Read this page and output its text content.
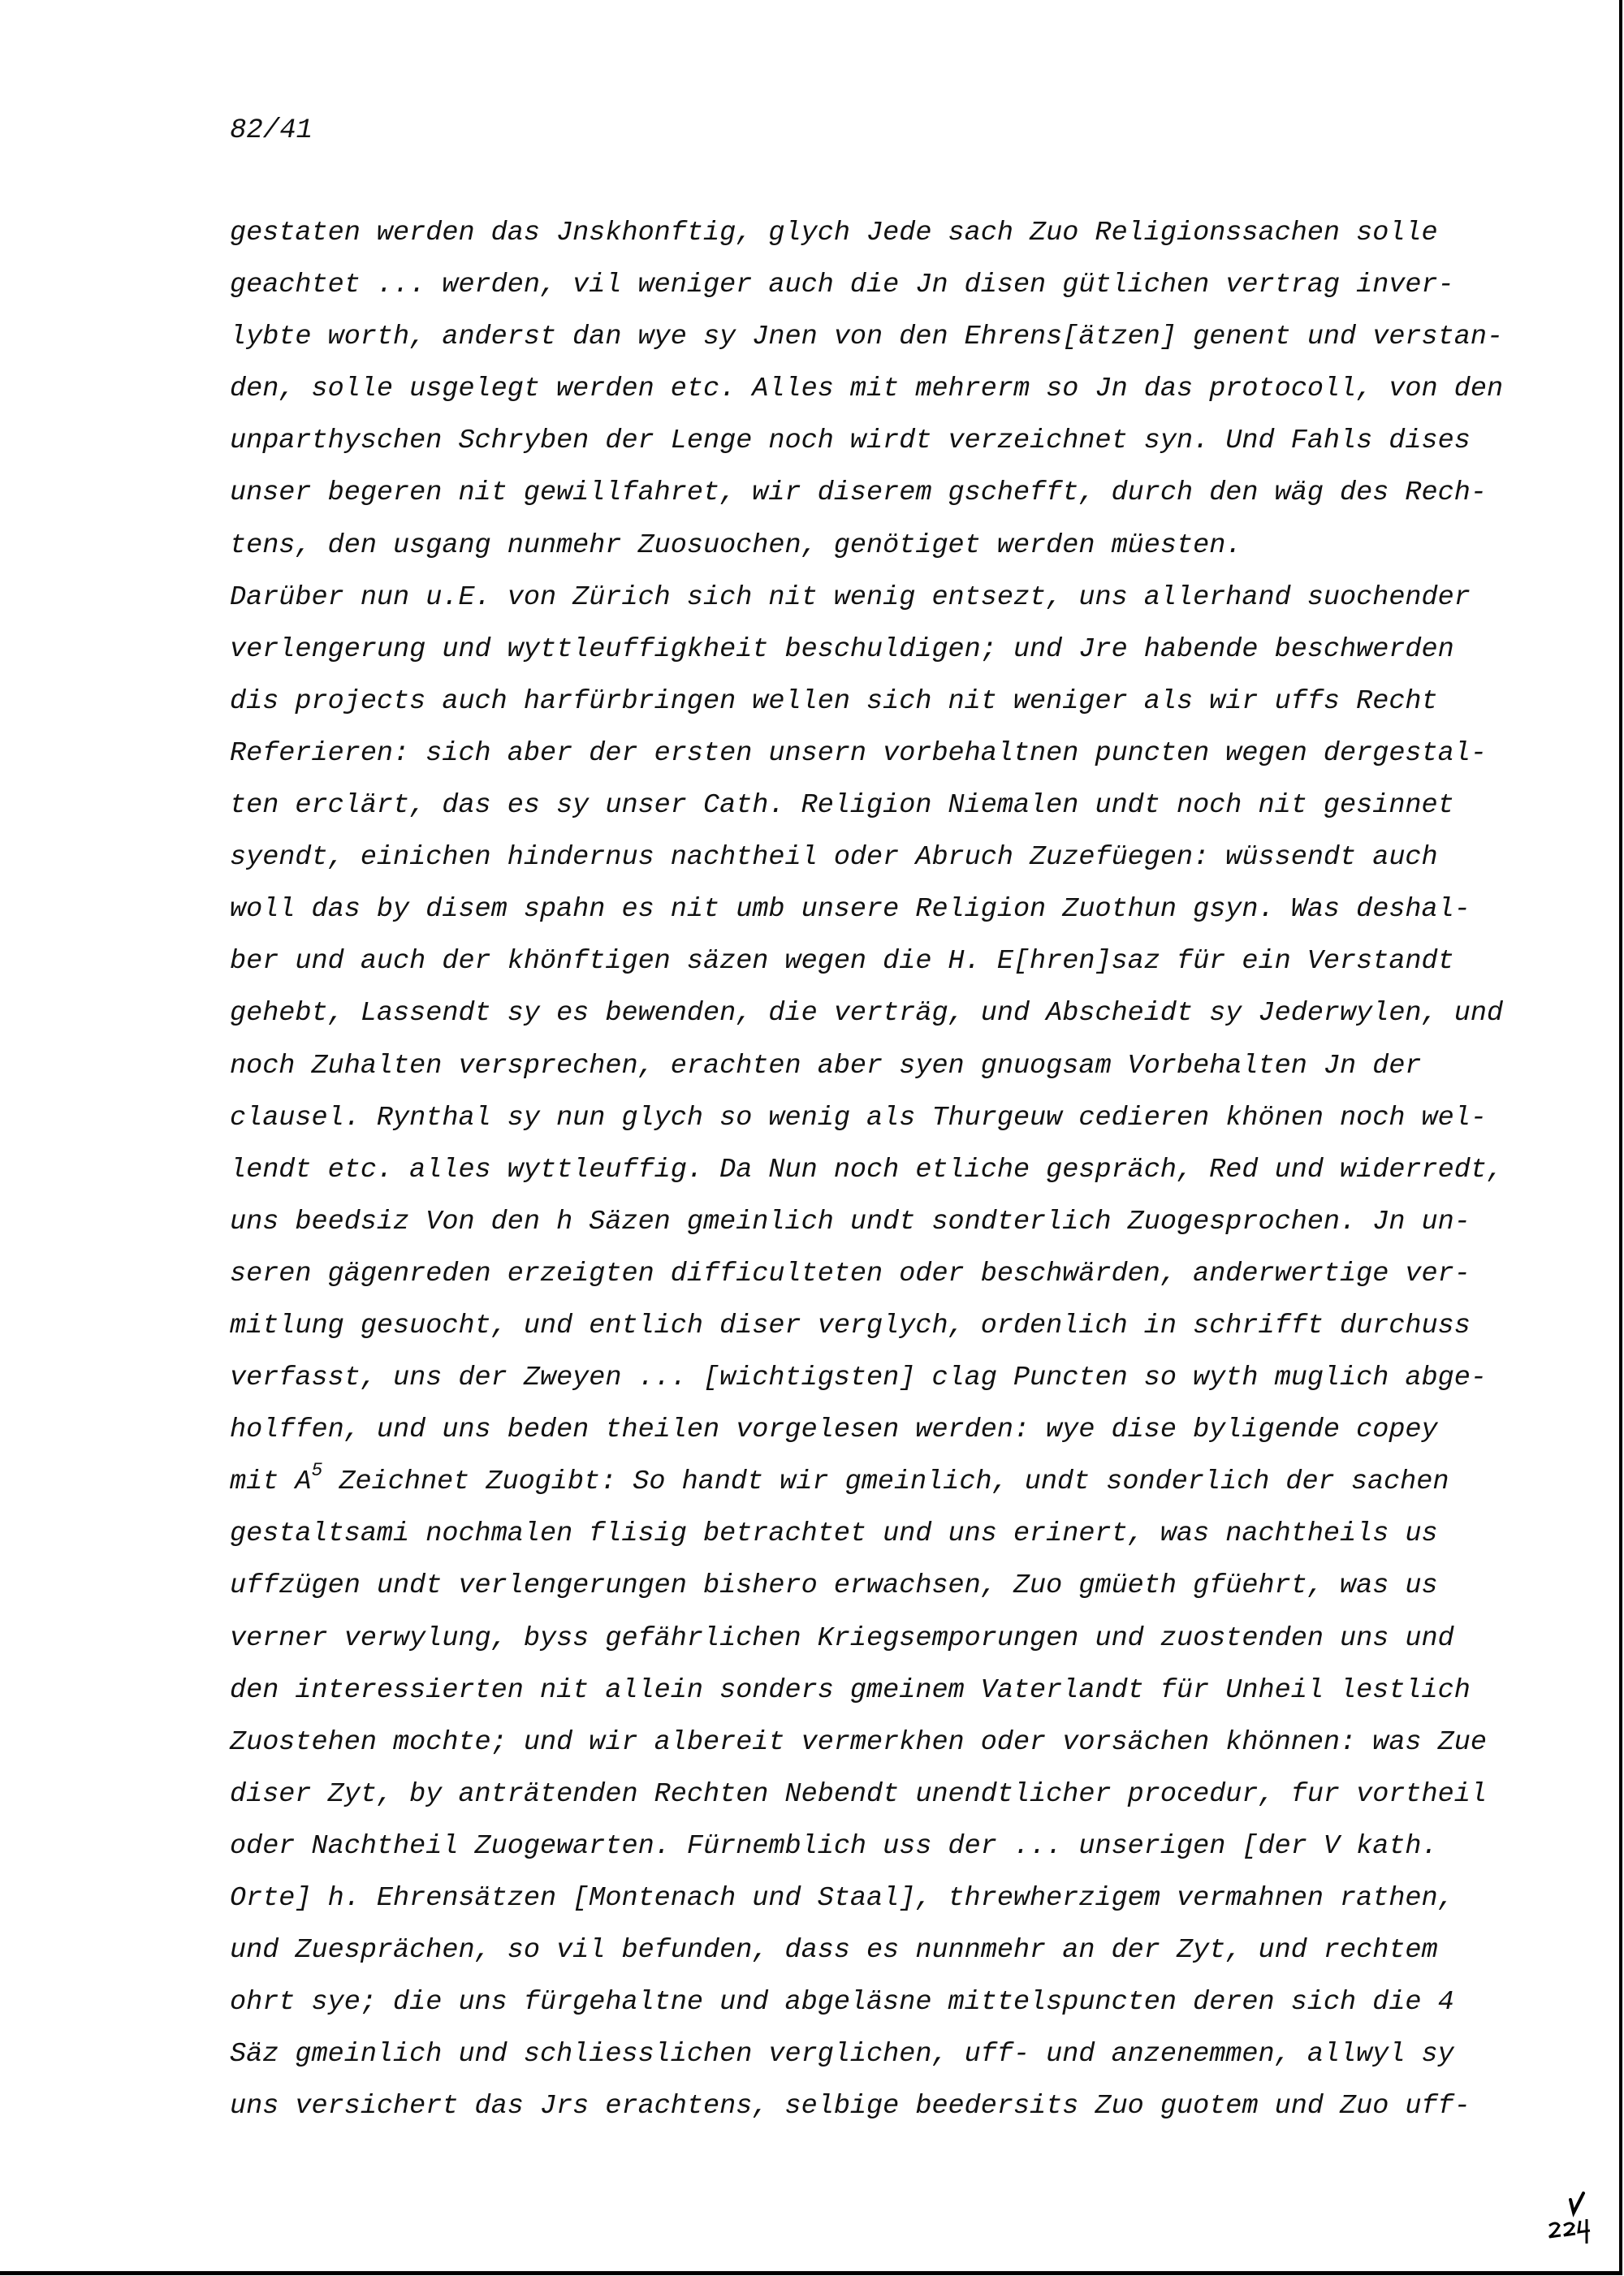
82/41
gestaten werden das Jnskhonftig, glych Jede sach Zuo Religionssachen solle
geachtet ... werden, vil weniger auch die Jn disen gütlichen vertrag inver-
lybte worth, anderst dan wye sy Jnen von den Ehrens[ätzen] genent und verstan-
den, solle usgelegt werden etc. Alles mit mehrerm so Jn das protocoll, von den
unparthyschen Schryben der Lenge noch wirdt verzeichnet syn. Und Fahls dises
unser begeren nit gewillfahret, wir diserem gschefft, durch den wäg des Rech-
tens, den usgang nunmehr Zuosuochen, genötiget werden müesten.
Darüber nun u.E. von Zürich sich nit wenig entsezt, uns allerhand suochender
verlengerung und wyttleuffigkheit beschuldigen; und Jre habende beschwerden
dis projects auch harfürbringen wellen sich nit weniger als wir uffs Recht
Referieren: sich aber der ersten unsern vorbehaltnen puncten wegen dergestal-
ten erclärt, das es sy unser Cath. Religion Niemalen undt noch nit gesinnet
syendt, einichen hindernus nachtheil oder Abruch Zuzefüegen: wüssendt auch
woll das by disem spahn es nit umb unsere Religion Zuothun gsyn. Was deshal-
ber und auch der khönftigen säzen wegen die H. E[hren]saz für ein Verstandt
gehebt, Lassendt sy es bewenden, die verträg, und Abscheidt sy Jederwylen, und
noch Zuhalten versprechen, erachten aber syen gnuogsam Vorbehalten Jn der
clausel. Rynthal sy nun glych so wenig als Thurgeuw cedieren khönen noch wel-
lendt etc. alles wyttleuffig. Da Nun noch etliche gespräch, Red und widerredt,
uns beedsiz Von den h Säzen gmeinlich undt sondterlich Zuogesprochen. Jn un-
seren gägenreden erzeigten difficulteten oder beschwärden, anderwertige ver-
mitlung gesuocht, und entlich diser verglych, ordenlich in schrifft durchuss
verfasst, uns der Zweyen ... [wichtigsten] clag Puncten so wyth muglich abge-
holffen, und uns beden theilen vorgelesen werden: wye dise byligende copey
mit $A^5$ Zeichnet Zuogibt: So handt wir gmeinlich, undt sonderlich der sachen
gestaltsami nochmalen flisig betrachtet und uns erinert, was nachtheils us
uffzügen undt verlengerungen bishero erwachsen, Zuo gmüeth gfüehrt, was us
verner verwylung, byss gefährlichen Kriegsemporungen und zuostenden uns und
den interessierten nit allein sonders gmeinem Vaterlandt für Unheil lestlich
Zuostehen mochte; und wir albereit vermerkhen oder vorsächen khönnen: was Zue
diser Zyt, by anträtenden Rechten Nebendt unendtlicher procedur, fur vortheil
oder Nachtheil Zuogewarten. Fürnemblich uss der ... unserigen [der V kath.
Orte] h. Ehrensätzen [Montenach und Staal], threwherzigem vermahnen rathen,
und Zuesprächen, so vil befunden, dass es nunnmehr an der Zyt, und rechtem
ohrt sye; die uns fürgehaltne und abgeläsne mittelspuncten deren sich die 4
Säz gmeinlich und schliesslichen verglichen, uff- und anzenemmen, allwyl sy
uns versichert das Jrs erachtens, selbige beedersits Zuo guotem und Zuo uff-
